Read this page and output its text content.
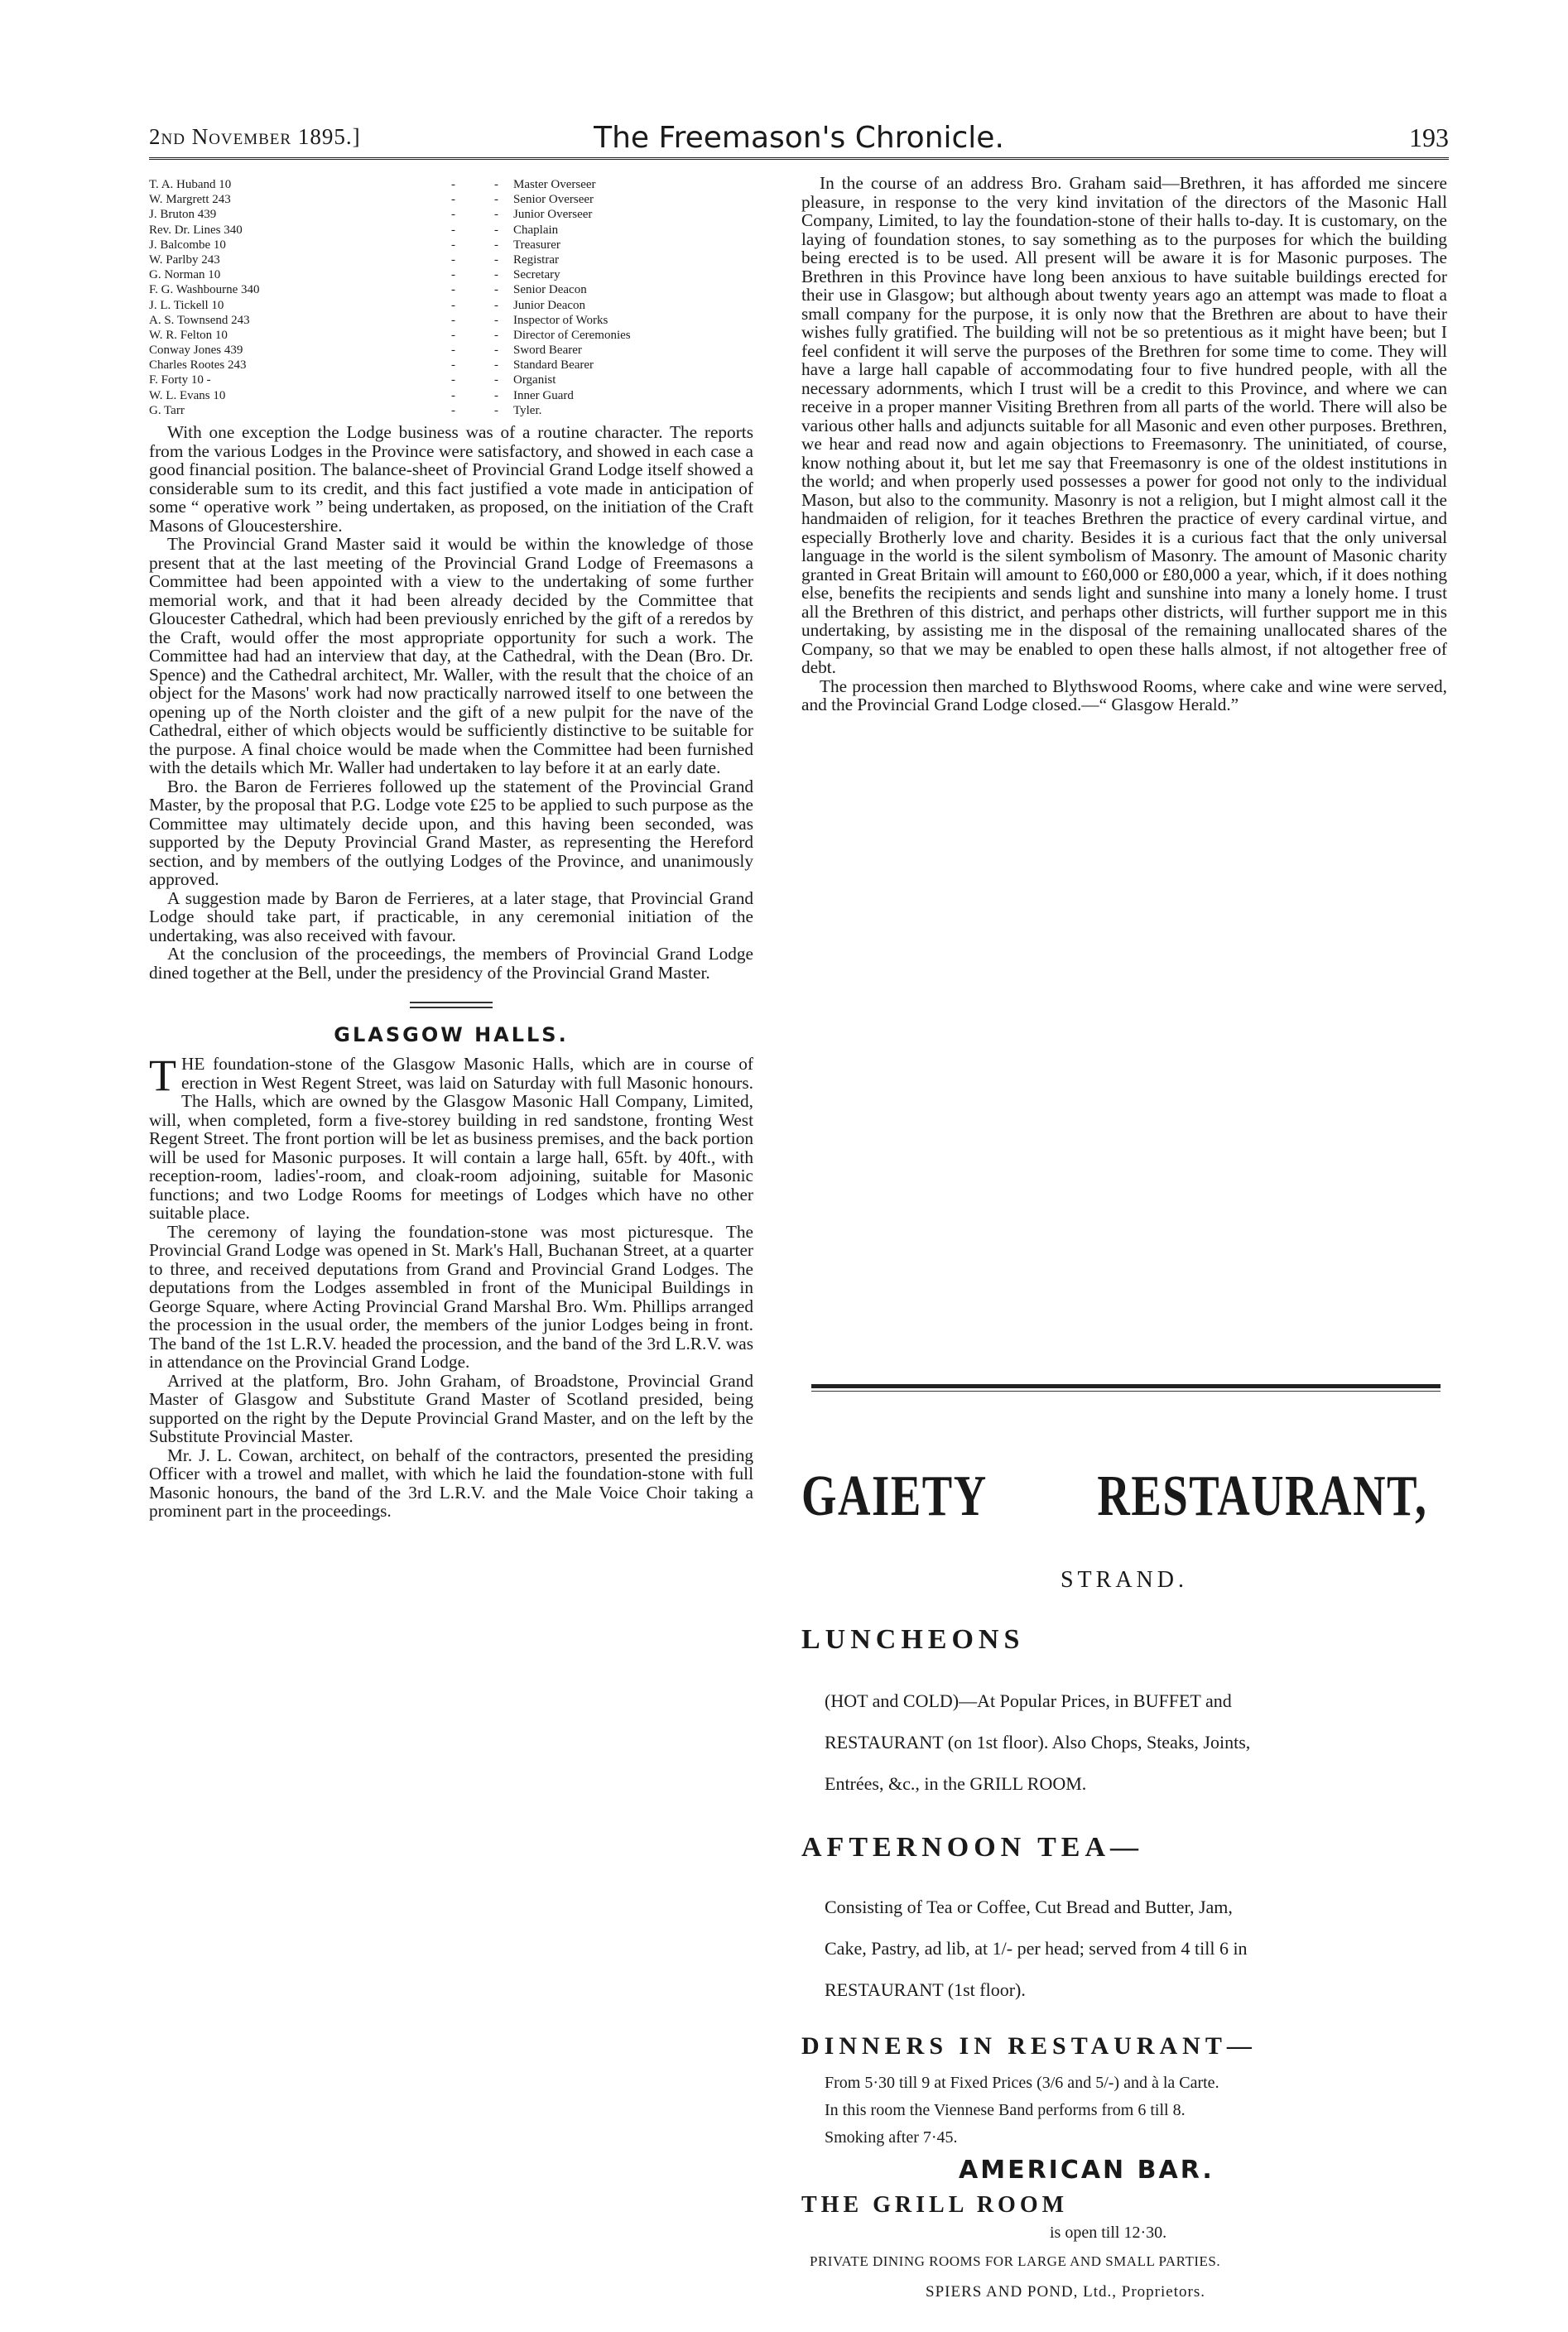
2nd November 1895.]	The Freemason's Chronicle.	193
T. A. Huband 10	-	-	Master Overseer
W. Margrett 243	-	-	Senior Overseer
J. Bruton 439	-	-	Junior Overseer
Rev. Dr. Lines 340	-	-	Chaplain
J. Balcombe 10	-	-	Treasurer
W. Parlby 243	-	-	Registrar
G. Norman 10	-	-	Secretary
F. G. Washbourne 340	-	-	Senior Deacon
J. L. Tickell 10	-	-	Junior Deacon
A. S. Townsend 243	-	-	Inspector of Works
W. R. Felton 10	-	-	Director of Ceremonies
Conway Jones 439	-	-	Sword Bearer
Charles Rootes 243	-	-	Standard Bearer
F. Forty 10 -	-	-	Organist
W. L. Evans 10	-	-	Inner Guard
G. Tarr	-	-	Tyler.

With one exception the Lodge business was of a routine character. The reports from the various Lodges in the Province were satisfactory, and showed in each case a good financial position. The balance-sheet of Provincial Grand Lodge itself showed a considerable sum to its credit, and this fact justified a vote made in anticipation of some “ operative work ” being undertaken, as proposed, on the initiation of the Craft Masons of Gloucestershire.

The Provincial Grand Master said it would be within the knowledge of those present that at the last meeting of the Provincial Grand Lodge of Freemasons a Committee had been appointed with a view to the undertaking of some further memorial work, and that it had been already decided by the Committee that Gloucester Cathedral, which had been previously enriched by the gift of a reredos by the Craft, would offer the most appropriate opportunity for such a work. The Committee had had an interview that day, at the Cathedral, with the Dean (Bro. Dr. Spence) and the Cathedral architect, Mr. Waller, with the result that the choice of an object for the Masons' work had now practically narrowed itself to one between the opening up of the North cloister and the gift of a new pulpit for the nave of the Cathedral, either of which objects would be sufficiently distinctive to be suitable for the purpose. A final choice would be made when the Committee had been furnished with the details which Mr. Waller had undertaken to lay before it at an early date.

Bro. the Baron de Ferrieres followed up the statement of the Provincial Grand Master, by the proposal that P.G. Lodge vote £25 to be applied to such purpose as the Committee may ultimately decide upon, and this having been seconded, was supported by the Deputy Provincial Grand Master, as representing the Hereford section, and by members of the outlying Lodges of the Province, and unanimously approved.

A suggestion made by Baron de Ferrieres, at a later stage, that Provincial Grand Lodge should take part, if practicable, in any ceremonial initiation of the undertaking, was also received with favour.

At the conclusion of the proceedings, the members of Provincial Grand Lodge dined together at the Bell, under the presidency of the Provincial Grand Master.

GLASGOW HALLS.

THE foundation-stone of the Glasgow Masonic Halls, which are in course of erection in West Regent Street, was laid on Saturday with full Masonic honours. The Halls, which are owned by the Glasgow Masonic Hall Company, Limited, will, when completed, form a five-storey building in red sandstone, fronting West Regent Street. The front portion will be let as business premises, and the back portion will be used for Masonic purposes. It will contain a large hall, 65ft. by 40ft., with reception-room, ladies'-room, and cloak-room adjoining, suitable for Masonic functions; and two Lodge Rooms for meetings of Lodges which have no other suitable place.

The ceremony of laying the foundation-stone was most picturesque. The Provincial Grand Lodge was opened in St. Mark's Hall, Buchanan Street, at a quarter to three, and received deputations from Grand and Provincial Grand Lodges. The deputations from the Lodges assembled in front of the Municipal Buildings in George Square, where Acting Provincial Grand Marshal Bro. Wm. Phillips arranged the procession in the usual order, the members of the junior Lodges being in front. The band of the 1st L.R.V. headed the procession, and the band of the 3rd L.R.V. was in attendance on the Provincial Grand Lodge.

Arrived at the platform, Bro. John Graham, of Broadstone, Provincial Grand Master of Glasgow and Substitute Grand Master of Scotland presided, being supported on the right by the Depute Provincial Grand Master, and on the left by the Substitute Provincial Master.

Mr. J. L. Cowan, architect, on behalf of the contractors, presented the presiding Officer with a trowel and mallet, with which he laid the foundation-stone with full Masonic honours, the band of the 3rd L.R.V. and the Male Voice Choir taking a prominent part in the proceedings.

In the course of an address Bro. Graham said—Brethren, it has afforded me sincere pleasure, in response to the very kind invitation of the directors of the Masonic Hall Company, Limited, to lay the foundation-stone of their halls to-day. It is customary, on the laying of foundation stones, to say something as to the purposes for which the building being erected is to be used. All present will be aware it is for Masonic purposes. The Brethren in this Province have long been anxious to have suitable buildings erected for their use in Glasgow; but although about twenty years ago an attempt was made to float a small company for the purpose, it is only now that the Brethren are about to have their wishes fully gratified. The building will not be so pretentious as it might have been; but I feel confident it will serve the purposes of the Brethren for some time to come. They will have a large hall capable of accommodating four to five hundred people, with all the necessary adornments, which I trust will be a credit to this Province, and where we can receive in a proper manner Visiting Brethren from all parts of the world. There will also be various other halls and adjuncts suitable for all Masonic and even other purposes. Brethren, we hear and read now and again objections to Freemasonry. The uninitiated, of course, know nothing about it, but let me say that Freemasonry is one of the oldest institutions in the world; and when properly used possesses a power for good not only to the individual Mason, but also to the community. Masonry is not a religion, but I might almost call it the handmaiden of religion, for it teaches Brethren the practice of every cardinal virtue, and especially Brotherly love and charity. Besides it is a curious fact that the only universal language in the world is the silent symbolism of Masonry. The amount of Masonic charity granted in Great Britain will amount to £60,000 or £80,000 a year, which, if it does nothing else, benefits the recipients and sends light and sunshine into many a lonely home. I trust all the Brethren of this district, and perhaps other districts, will further support me in this undertaking, by assisting me in the disposal of the remaining unallocated shares of the Company, so that we may be enabled to open these halls almost, if not altogether free of debt.

The procession then marched to Blythswood Rooms, where cake and wine were served, and the Provincial Grand Lodge closed.—“ Glasgow Herald.”

GAIETY RESTAURANT,
STRAND.
LUNCHEONS
(HOT and COLD)—At Popular Prices, in BUFFET and
RESTAURANT (on 1st floor). Also Chops, Steaks, Joints,
Entrées, &c., in the GRILL ROOM.
AFTERNOON TEA—
Consisting of Tea or Coffee, Cut Bread and Butter, Jam,
Cake, Pastry, ad lib, at 1/- per head; served from 4 till 6 in
RESTAURANT (1st floor).
DINNERS IN RESTAURANT—
From 5·30 till 9 at Fixed Prices (3/6 and 5/-) and à la Carte.
In this room the Viennese Band performs from 6 till 8.
Smoking after 7·45.
AMERICAN BAR.
THE GRILL ROOM
is open till 12·30.
PRIVATE DINING ROOMS FOR LARGE AND SMALL PARTIES.
SPIERS AND POND, Ltd., Proprietors.
